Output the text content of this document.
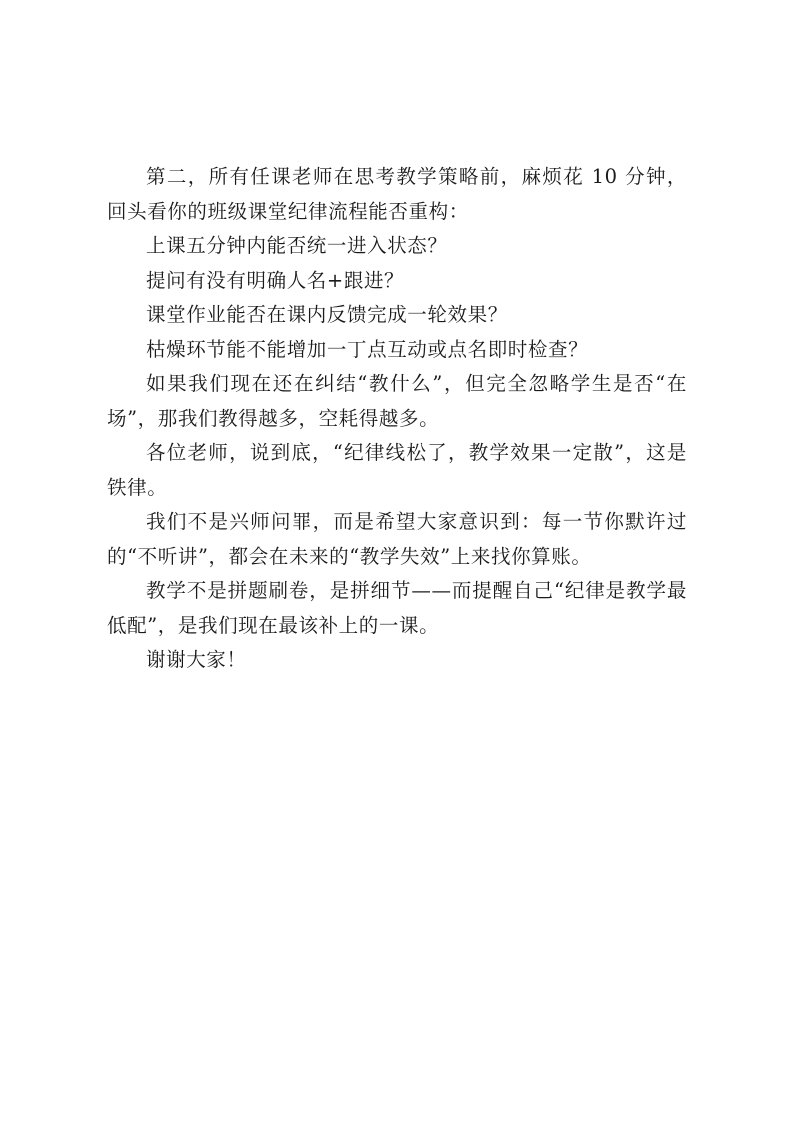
第二，所有任课老师在思考教学策略前，麻烦花 10 分钟，回头看你的班级课堂纪律流程能否重构：

上课五分钟内能否统一进入状态？

提问有没有明确人名+跟进？

课堂作业能否在课内反馈完成一轮效果？

枯燥环节能不能增加一丁点互动或点名即时检查？

如果我们现在还在纠结“教什么”，但完全忽略学生是否“在场”，那我们教得越多，空耗得越多。

各位老师，说到底，“纪律线松了，教学效果一定散”，这是铁律。

我们不是兴师问罪，而是希望大家意识到：每一节你默许过的“不听讲”，都会在未来的“教学失效”上来找你算账。

教学不是拼题刷卷，是拼细节——而提醒自己“纪律是教学最低配”，是我们现在最该补上的一课。

谢谢大家！
